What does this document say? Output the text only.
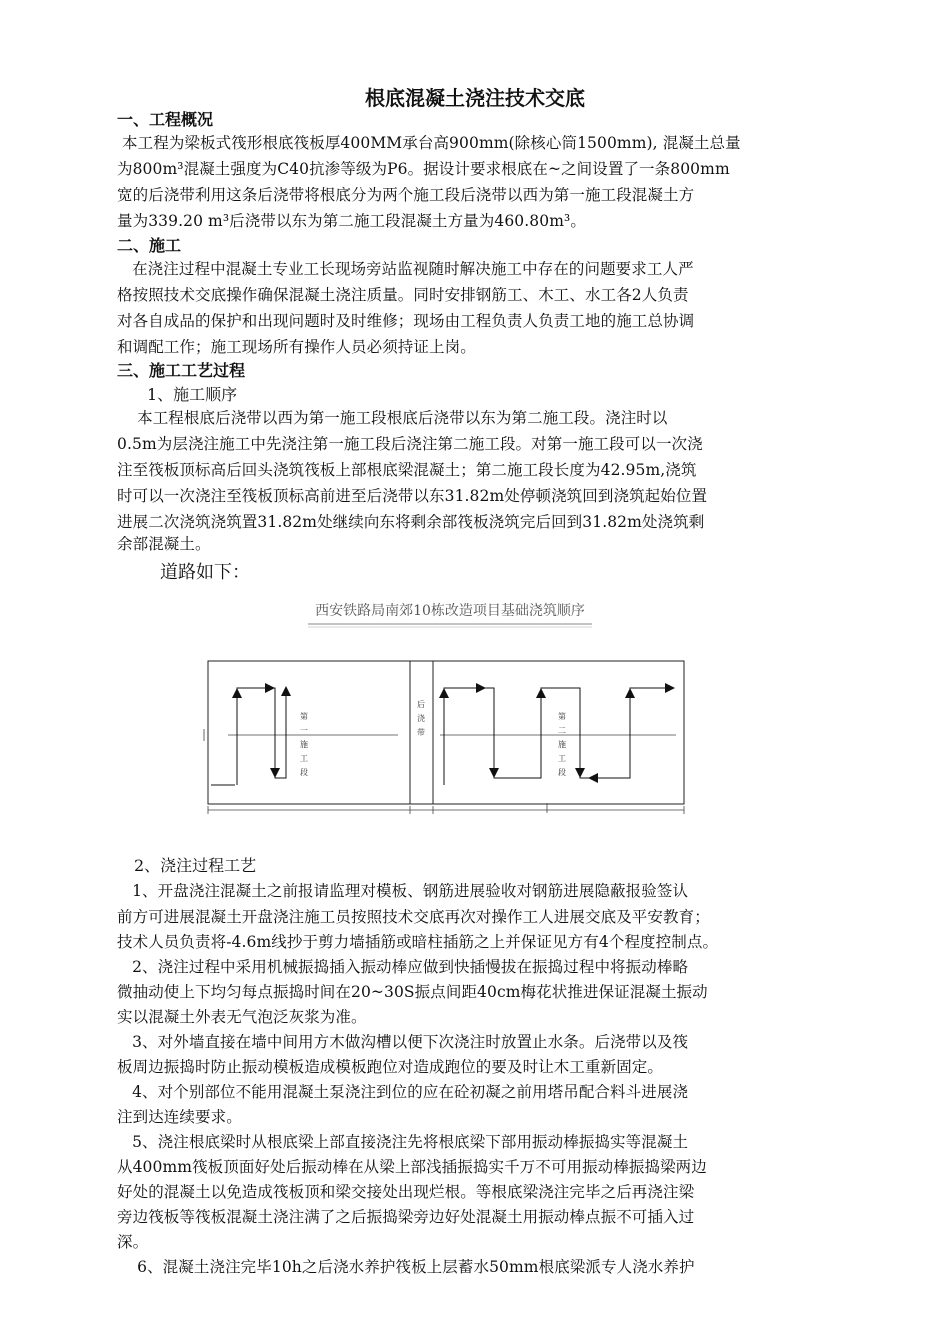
根底混凝土浇注技术交底
一、工程概况
本工程为梁板式筏形根底筏板厚400MM承台高900mm(除核心筒1500mm), 混凝土总量
为800m³混凝土强度为C40抗渗等级为P6。据设计要求根底在~之间设置了一条800mm
宽的后浇带利用这条后浇带将根底分为两个施工段后浇带以西为第一施工段混凝土方
量为339.20 m³后浇带以东为第二施工段混凝土方量为460.80m³。
二、施工
在浇注过程中混凝土专业工长现场旁站监视随时解决施工中存在的问题要求工人严
格按照技术交底操作确保混凝土浇注质量。同时安排钢筋工、木工、水工各2人负责
对各自成品的保护和出现问题时及时维修；现场由工程负责人负责工地的施工总协调
和调配工作；施工现场所有操作人员必须持证上岗。
三、施工工艺过程
1、施工顺序
本工程根底后浇带以西为第一施工段根底后浇带以东为第二施工段。浇注时以
0.5m为层浇注施工中先浇注第一施工段后浇注第二施工段。对第一施工段可以一次浇
注至筏板顶标高后回头浇筑筏板上部根底梁混凝土；第二施工段长度为42.95m,浇筑
时可以一次浇注至筏板顶标高前进至后浇带以东31.82m处停顿浇筑回到浇筑起始位置
进展二次浇筑浇筑置31.82m处继续向东将剩余部筏板浇筑完后回到31.82m处浇筑剩
余部混凝土。
道路如下：
西安铁路局南郊10栋改造项目基础浇筑顺序
第一施工段	后浇带	第二施工段
2、浇注过程工艺
1、开盘浇注混凝土之前报请监理对模板、钢筋进展验收对钢筋进展隐蔽报验签认
前方可进展混凝土开盘浇注施工员按照技术交底再次对操作工人进展交底及平安教育；
技术人员负责将-4.6m线抄于剪力墙插筋或暗柱插筋之上并保证见方有4个程度控制点。
2、浇注过程中采用机械振捣插入振动棒应做到快插慢拔在振捣过程中将振动棒略
微抽动使上下均匀每点振捣时间在20~30S振点间距40cm梅花状推进保证混凝土振动
实以混凝土外表无气泡泛灰浆为准。
3、对外墙直接在墙中间用方木做沟槽以便下次浇注时放置止水条。后浇带以及筏
板周边振捣时防止振动模板造成模板跑位对造成跑位的要及时让木工重新固定。
4、对个别部位不能用混凝土泵浇注到位的应在砼初凝之前用塔吊配合料斗进展浇
注到达连续要求。
5、浇注根底梁时从根底梁上部直接浇注先将根底梁下部用振动棒振捣实等混凝土
从400mm筏板顶面好处后振动棒在从梁上部浅插振捣实千万不可用振动棒振捣梁两边
好处的混凝土以免造成筏板顶和梁交接处出现烂根。等根底梁浇注完毕之后再浇注梁
旁边筏板等筏板混凝土浇注满了之后振捣梁旁边好处混凝土用振动棒点振不可插入过
深。
6、混凝土浇注完毕10h之后浇水养护筏板上层蓄水50mm根底梁派专人浇水养护
